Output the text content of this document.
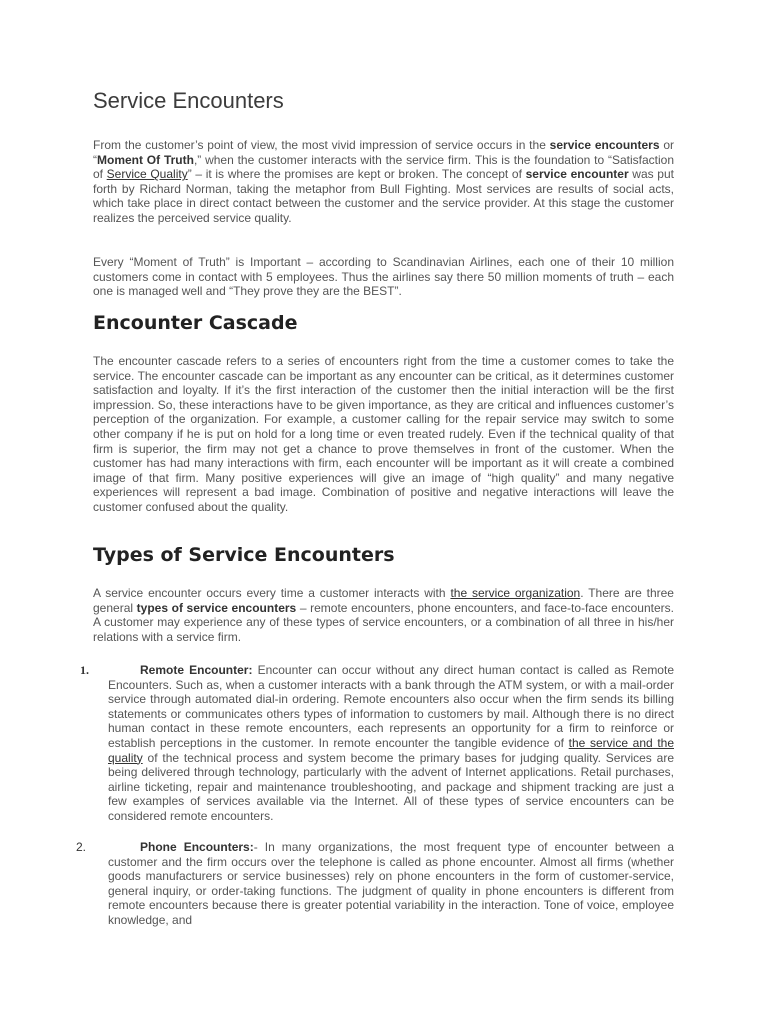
Service Encounters

From the customer’s point of view, the most vivid impression of service occurs in the service encounters or “Moment Of Truth,” when the customer interacts with the service firm. This is the foundation to “Satisfaction of Service Quality” – it is where the promises are kept or broken. The concept of service encounter was put forth by Richard Norman, taking the metaphor from Bull Fighting. Most services are results of social acts, which take place in direct contact between the customer and the service provider. At this stage the customer realizes the perceived service quality.

Every “Moment of Truth” is Important – according to Scandinavian Airlines, each one of their 10 million customers come in contact with 5 employees. Thus the airlines say there 50 million moments of truth – each one is managed well and “They prove they are the BEST”.

Encounter Cascade

The encounter cascade refers to a series of encounters right from the time a customer comes to take the service. The encounter cascade can be important as any encounter can be critical, as it determines customer satisfaction and loyalty. If it’s the first interaction of the customer then the initial interaction will be the first impression. So, these interactions have to be given importance, as they are critical and influences customer’s perception of the organization. For example, a customer calling for the repair service may switch to some other company if he is put on hold for a long time or even treated rudely. Even if the technical quality of that firm is superior, the firm may not get a chance to prove themselves in front of the customer. When the customer has had many interactions with firm, each encounter will be important as it will create a combined image of that firm. Many positive experiences will give an image of “high quality” and many negative experiences will represent a bad image. Combination of positive and negative interactions will leave the customer confused about the quality.

Types of Service Encounters

A service encounter occurs every time a customer interacts with the service organization. There are three general types of service encounters – remote encounters, phone encounters, and face-to-face encounters. A customer may experience any of these types of service encounters, or a combination of all three in his/her relations with a service firm.

1.	Remote Encounter: Encounter can occur without any direct human contact is called as Remote Encounters. Such as, when a customer interacts with a bank through the ATM system, or with a mail-order service through automated dial-in ordering. Remote encounters also occur when the firm sends its billing statements or communicates others types of information to customers by mail. Although there is no direct human contact in these remote encounters, each represents an opportunity for a firm to reinforce or establish perceptions in the customer. In remote encounter the tangible evidence of the service and the quality of the technical process and system become the primary bases for judging quality. Services are being delivered through technology, particularly with the advent of Internet applications. Retail purchases, airline ticketing, repair and maintenance troubleshooting, and package and shipment tracking are just a few examples of services available via the Internet. All of these types of service encounters can be considered remote encounters.

2.	Phone Encounters:- In many organizations, the most frequent type of encounter between a customer and the firm occurs over the telephone is called as phone encounter. Almost all firms (whether goods manufacturers or service businesses) rely on phone encounters in the form of customer-service, general inquiry, or order-taking functions. The judgment of quality in phone encounters is different from remote encounters because there is greater potential variability in the interaction. Tone of voice, employee knowledge, and
